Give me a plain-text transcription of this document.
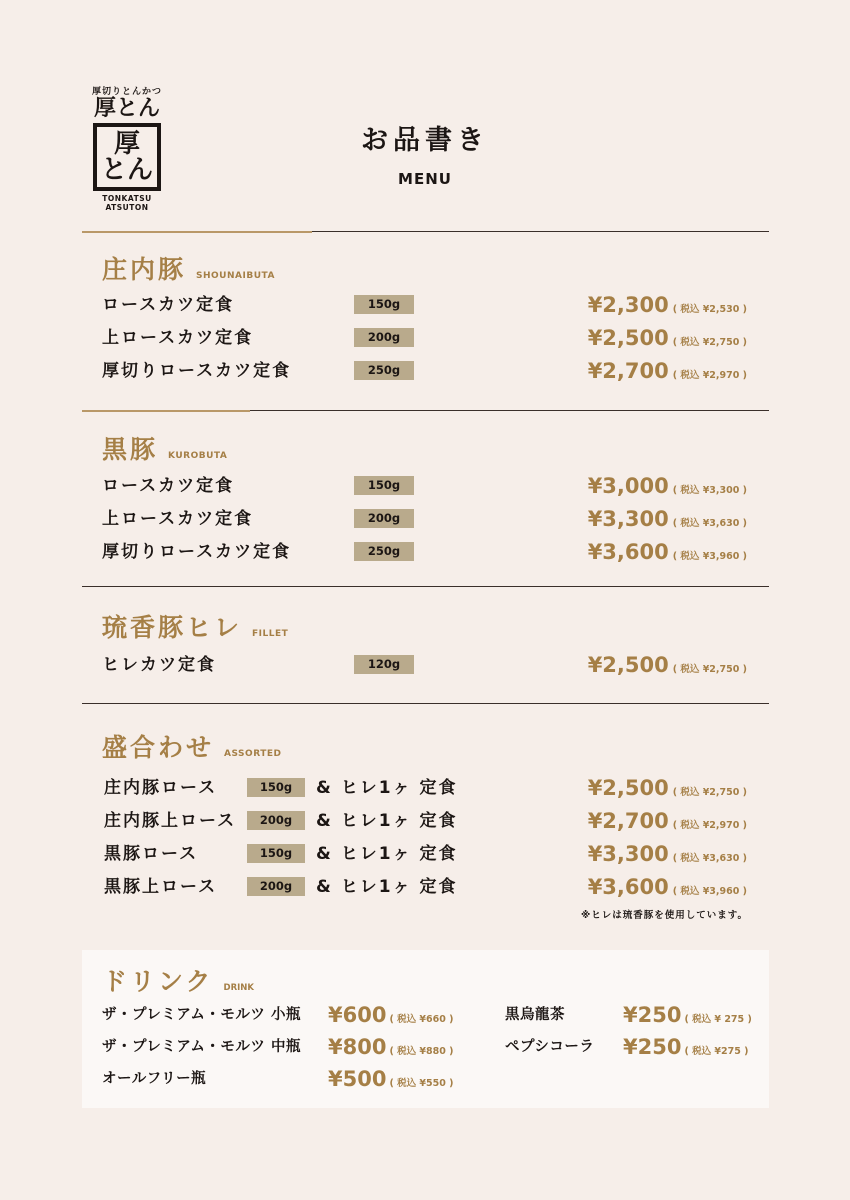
厚切りとんかつ
厚とん
厚
とん
TONKATSU
ATSUTON
お品書き
MENU
庄内豚 SHOUNAIBUTA
ロースカツ定食	150g	¥2,300 ( 税込 ¥2,530 )
上ロースカツ定食	200g	¥2,500 ( 税込 ¥2,750 )
厚切りロースカツ定食	250g	¥2,700 ( 税込 ¥2,970 )
黒豚 KUROBUTA
ロースカツ定食	150g	¥3,000 ( 税込 ¥3,300 )
上ロースカツ定食	200g	¥3,300 ( 税込 ¥3,630 )
厚切りロースカツ定食	250g	¥3,600 ( 税込 ¥3,960 )
琉香豚ヒレ FILLET
ヒレカツ定食	120g	¥2,500 ( 税込 ¥2,750 )
盛合わせ ASSORTED
庄内豚ロース	150g	& ヒレ1ヶ 定食	¥2,500 ( 税込 ¥2,750 )
庄内豚上ロース	200g	& ヒレ1ヶ 定食	¥2,700 ( 税込 ¥2,970 )
黒豚ロース	150g	& ヒレ1ヶ 定食	¥3,300 ( 税込 ¥3,630 )
黒豚上ロース	200g	& ヒレ1ヶ 定食	¥3,600 ( 税込 ¥3,960 )
※ヒレは琉香豚を使用しています。
ドリンク DRINK
ザ・プレミアム・モルツ 小瓶 ¥600 ( 税込 ¥660 )
ザ・プレミアム・モルツ 中瓶 ¥800 ( 税込 ¥880 )
オールフリー瓶	¥500 ( 税込 ¥550 )
黒烏龍茶	¥250 ( 税込 ¥ 275 )
ペプシコーラ ¥250 ( 税込 ¥275 )
